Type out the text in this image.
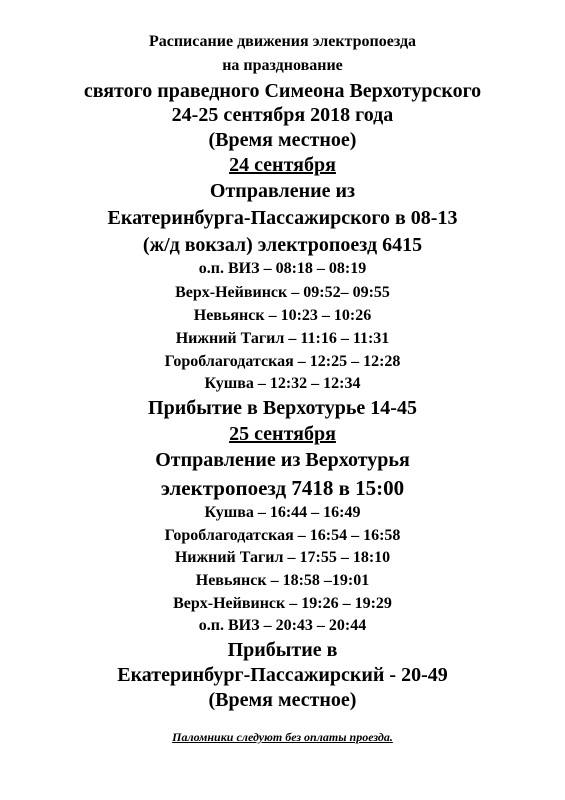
Расписание движения электропоезда
на празднование
святого праведного Симеона Верхотурского
24-25 сентября 2018 года
(Время местное)
24 сентября
Отправление из
Екатеринбурга-Пассажирского в 08-13
(ж/д вокзал) электропоезд 6415
о.п. ВИЗ – 08:18 – 08:19
Верх-Нейвинск – 09:52– 09:55
Невьянск – 10:23 – 10:26
Нижний Тагил – 11:16 – 11:31
Гороблагодатская – 12:25 – 12:28
Кушва – 12:32 – 12:34
Прибытие в Верхотурье 14-45
25 сентября
Отправление из Верхотурья
электропоезд 7418 в 15:00
Кушва – 16:44 – 16:49
Гороблагодатская – 16:54 – 16:58
Нижний Тагил – 17:55 – 18:10
Невьянск – 18:58 –19:01
Верх-Нейвинск – 19:26 – 19:29
о.п. ВИЗ – 20:43 – 20:44
Прибытие в
Екатеринбург-Пассажирский - 20-49
(Время местное)
Паломники следуют без оплаты проезда.
